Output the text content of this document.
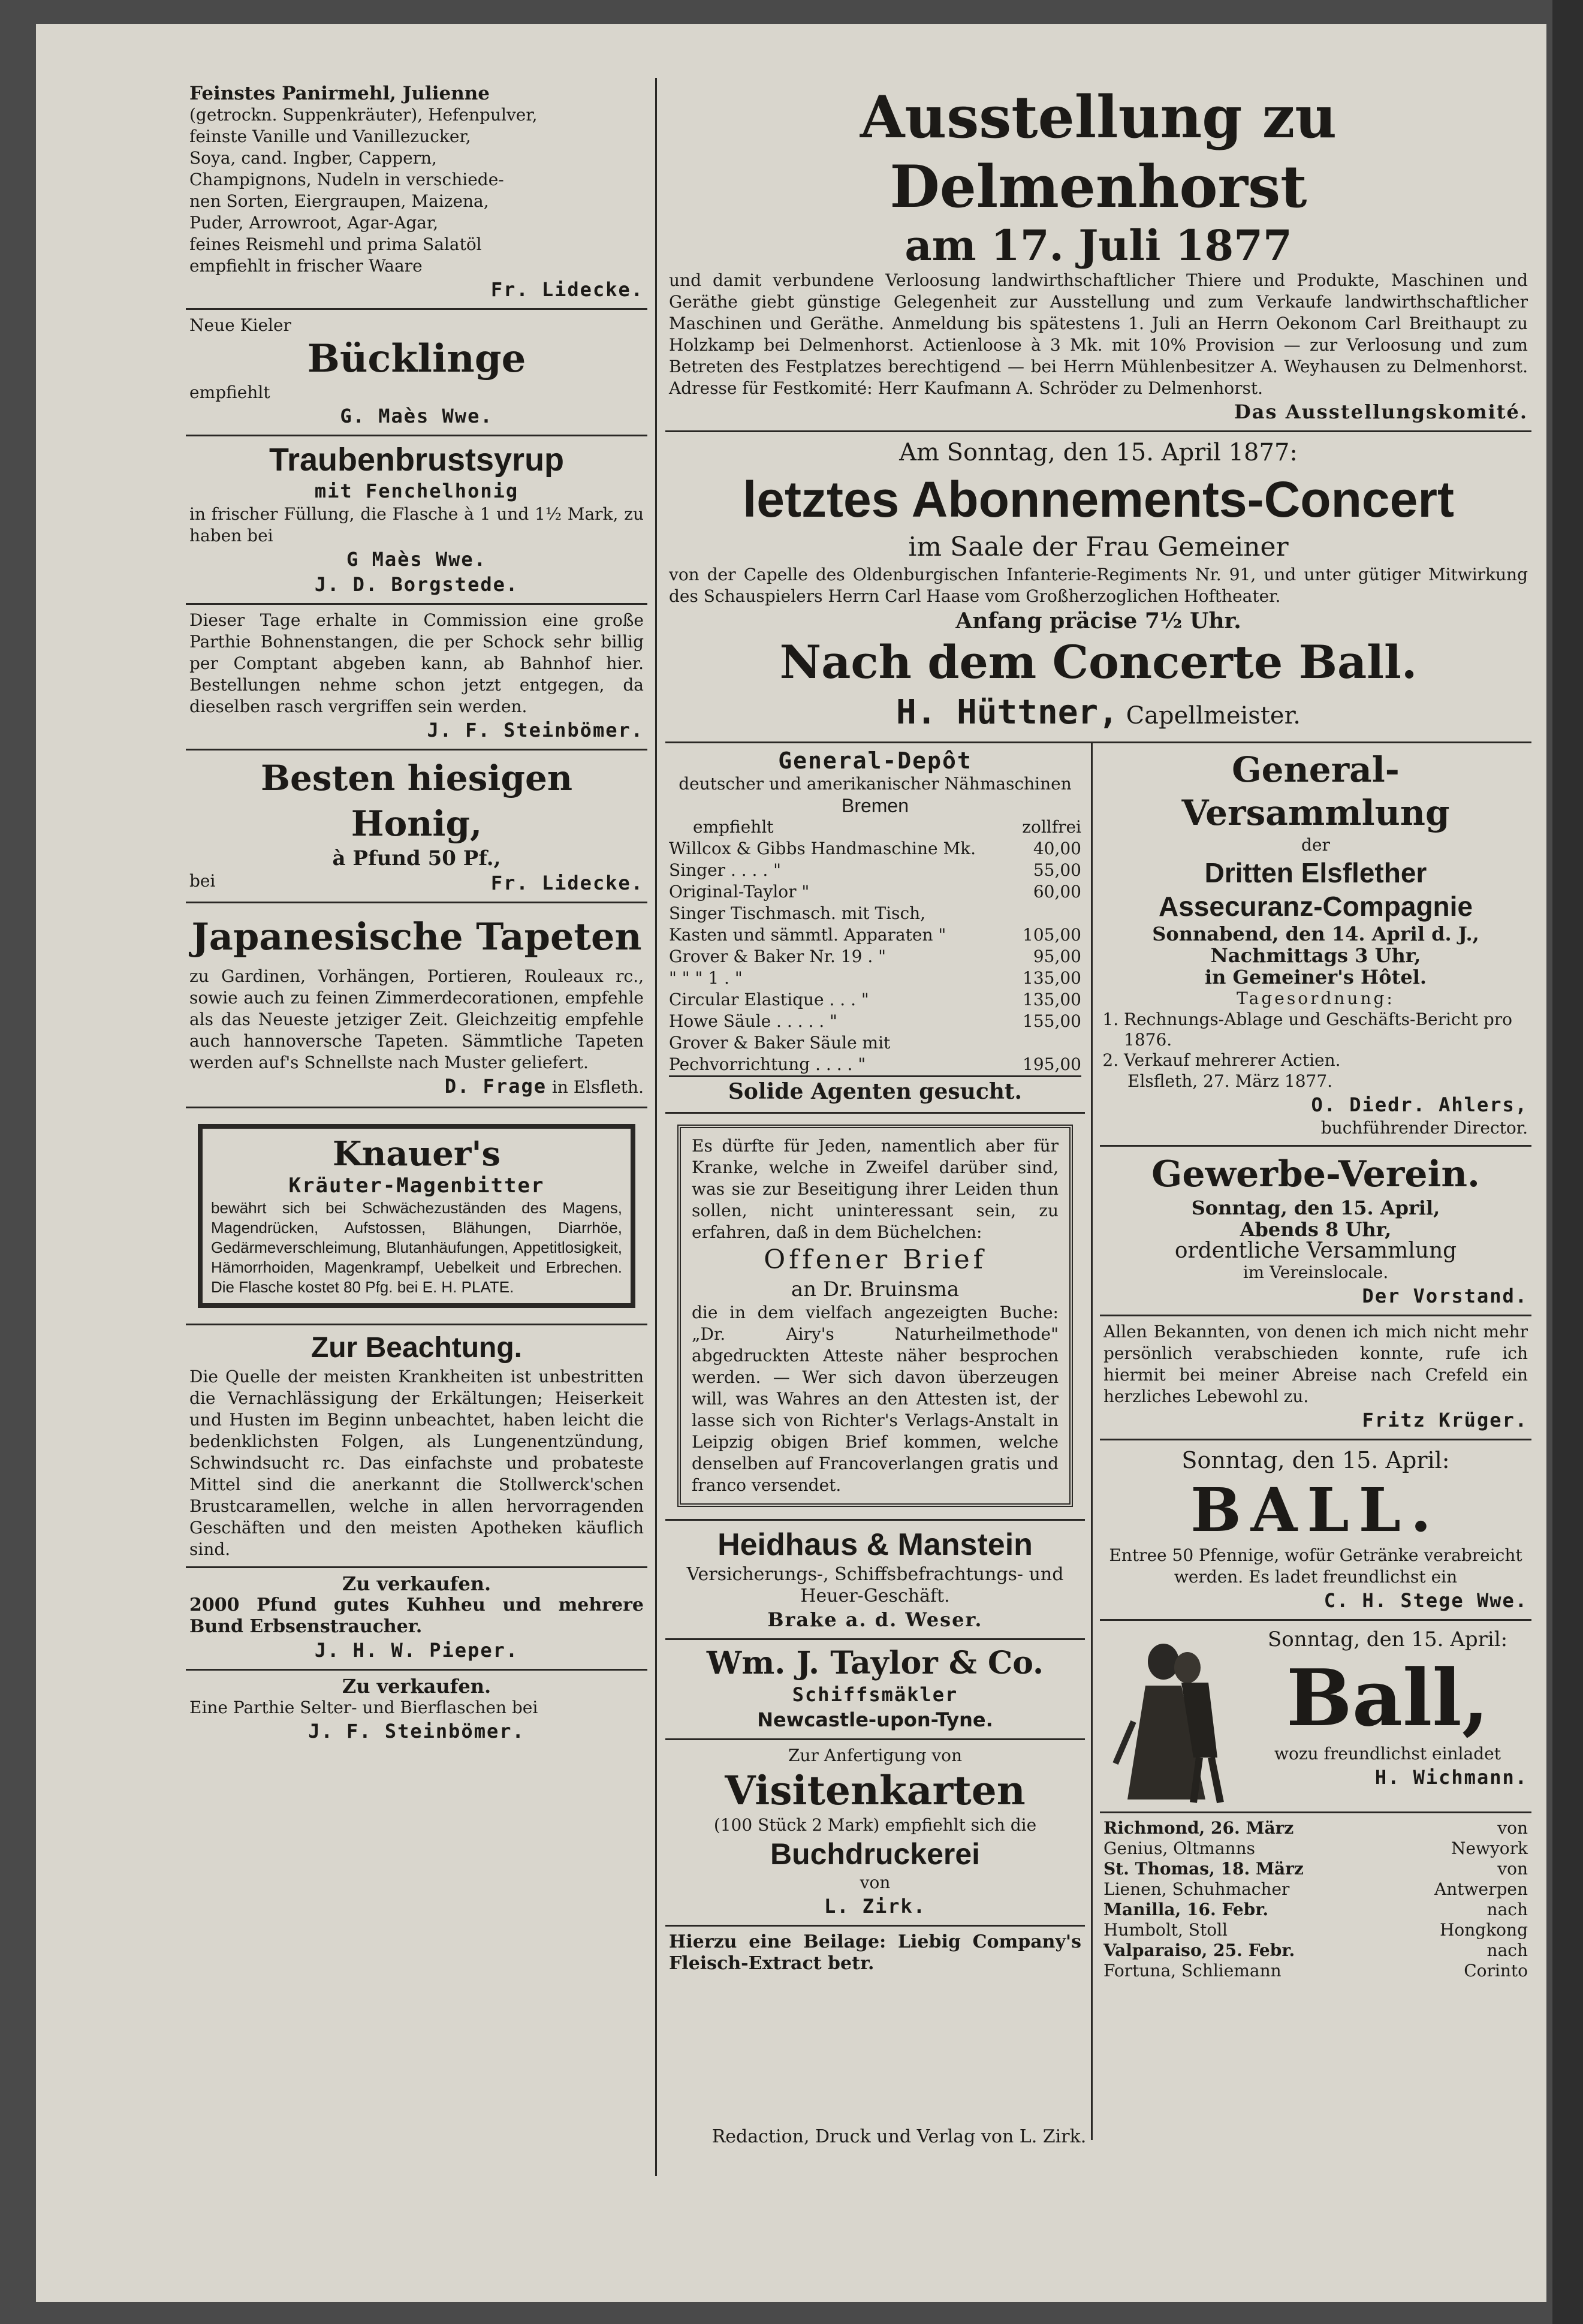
Feinstes Panirmehl, Julienne

(getrockn. Suppenkräuter), Hefenpulver,

feinste Vanille und Vanillezucker,

Soya, cand. Ingber, Cappern,

Champignons, Nudeln in verschiede-

nen Sorten, Eiergraupen, Maizena,

Puder, Arrowroot, Agar-Agar,

feines Reismehl und prima Salatöl

empfiehlt in frischer Waare

Fr. Lidecke.

Neue Kieler

Bücklinge

empfiehlt

G. Maès Wwe.

Traubenbrustsyrup

mit Fenchelhonig

in frischer Füllung, die Flasche à 1 und 1½ Mark, zu haben bei

G Maès Wwe.

J. D. Borgstede.

Dieser Tage erhalte in Commission eine große Parthie Bohnenstangen, die per Schock sehr billig per Comptant abgeben kann, ab Bahnhof hier. Bestellungen nehme schon jetzt entgegen, da dieselben rasch vergriffen sein werden.

J. F. Steinbömer.

Besten hiesigen Honig,

à Pfund 50 Pf.,

bei	Fr. Lidecke.

Japanesische Tapeten

zu Gardinen, Vorhängen, Portieren, Rouleaux rc., sowie auch zu feinen Zimmerdecorationen, empfehle als das Neueste jetziger Zeit. Gleichzeitig empfehle auch hannoversche Tapeten. Sämmtliche Tapeten werden auf's Schnellste nach Muster geliefert.

D. Frage in Elsfleth.

Knauer's

Kräuter-Magenbitter

bewährt sich bei Schwächezuständen des Magens, Magendrücken, Aufstossen, Blähungen, Diarrhöe, Gedärmeverschleimung, Blutanhäufungen, Appetitlosigkeit, Hämorrhoiden, Magenkrampf, Uebelkeit und Erbrechen. Die Flasche kostet 80 Pfg. bei E. H. PLATE.

Zur Beachtung.

Die Quelle der meisten Krankheiten ist unbestritten die Vernachlässigung der Erkältungen; Heiserkeit und Husten im Beginn unbeachtet, haben leicht die bedenklichsten Folgen, als Lungenentzündung, Schwindsucht rc. Das einfachste und probateste Mittel sind die anerkannt die Stollwerck'schen Brustcaramellen, welche in allen hervorragenden Geschäften und den meisten Apotheken käuflich sind.

Zu verkaufen.

2000 Pfund gutes Kuhheu und mehrere Bund Erbsenstraucher.

J. H. W. Pieper.

Zu verkaufen.

Eine Parthie Selter- und Bierflaschen bei

J. F. Steinbömer.

Ausstellung zu Delmenhorst

am 17. Juli 1877

und damit verbundene Verloosung landwirthschaftlicher Thiere und Produkte, Maschinen und Geräthe giebt günstige Gelegenheit zur Ausstellung und zum Verkaufe landwirthschaftlicher Maschinen und Geräthe. Anmeldung bis spätestens 1. Juli an Herrn Oekonom Carl Breithaupt zu Holzkamp bei Delmenhorst. Actienloose à 3 Mk. mit 10% Provision — zur Verloosung und zum Betreten des Festplatzes berechtigend — bei Herrn Mühlenbesitzer A. Weyhausen zu Delmenhorst. Adresse für Festkomité: Herr Kaufmann A. Schröder zu Delmenhorst.

Das Ausstellungskomité.

Am Sonntag, den 15. April 1877:

letztes Abonnements-Concert

im Saale der Frau Gemeiner

von der Capelle des Oldenburgischen Infanterie-Regiments Nr. 91, und unter gütiger Mitwirkung des Schauspielers Herrn Carl Haase vom Großherzoglichen Hoftheater.

Anfang präcise 7½ Uhr.

Nach dem Concerte Ball.

H. Hüttner, Capellmeister.

General-Depôt

deutscher und amerikanischer Nähmaschinen

Bremen

empfiehlt	zollfrei
Willcox & Gibbs Handmaschine Mk.	40,00
Singer . . . . "	55,00
Original-Taylor "	60,00
Singer Tischmasch. mit Tisch,
Kasten und sämmtl. Apparaten "	105,00
Grover & Baker Nr. 19 . "	95,00
" " " 1 . "	135,00
Circular Elastique . . . "	135,00
Howe Säule . . . . . "	155,00
Grover & Baker Säule mit
Pechvorrichtung . . . . "	195,00

Solide Agenten gesucht.

Es dürfte für Jeden, namentlich aber für Kranke, welche in Zweifel darüber sind, was sie zur Beseitigung ihrer Leiden thun sollen, nicht uninteressant sein, zu erfahren, daß in dem Büchelchen:

Offener Brief

an Dr. Bruinsma

die in dem vielfach angezeigten Buche: „Dr. Airy's Naturheilmethode" abgedruckten Atteste näher besprochen werden. — Wer sich davon überzeugen will, was Wahres an den Attesten ist, der lasse sich von Richter's Verlags-Anstalt in Leipzig obigen Brief kommen, welche denselben auf Francoverlangen gratis und franco versendet.

Heidhaus & Manstein

Versicherungs-, Schiffsbefrachtungs- und Heuer-Geschäft.

Brake a. d. Weser.

Wm. J. Taylor & Co.

Schiffsmäkler

Newcastle-upon-Tyne.

Zur Anfertigung von

Visitenkarten

(100 Stück 2 Mark) empfiehlt sich die

Buchdruckerei

von

L. Zirk.

Hierzu eine Beilage: Liebig Company's Fleisch-Extract betr.

General-Versammlung

der

Dritten Elsflether

Assecuranz-Compagnie

Sonnabend, den 14. April d. J.,

Nachmittags 3 Uhr,

in Gemeiner's Hôtel.

Tagesordnung:

1. Rechnungs-Ablage und Geschäfts-Bericht pro 1876.
2. Verkauf mehrerer Actien.

Elsfleth, 27. März 1877.

O. Diedr. Ahlers,

buchführender Director.

Gewerbe-Verein.

Sonntag, den 15. April,

Abends 8 Uhr,

ordentliche Versammlung

im Vereinslocale.

Der Vorstand.

Allen Bekannten, von denen ich mich nicht mehr persönlich verabschieden konnte, rufe ich hiermit bei meiner Abreise nach Crefeld ein herzliches Lebewohl zu.

Fritz Krüger.

Sonntag, den 15. April:

BALL.

Entree 50 Pfennige, wofür Getränke verabreicht werden. Es ladet freundlichst ein

C. H. Stege Wwe.

Sonntag, den 15. April:

Ball,

wozu freundlichst einladet

H. Wichmann.

Richmond, 26. März	von
Genius, Oltmanns	Newyork
St. Thomas, 18. März	von
Lienen, Schuhmacher	Antwerpen
Manilla, 16. Febr.	nach
Humbolt, Stoll	Hongkong
Valparaiso, 25. Febr.	nach
Fortuna, Schliemann	Corinto
Redaction, Druck und Verlag von L. Zirk.
